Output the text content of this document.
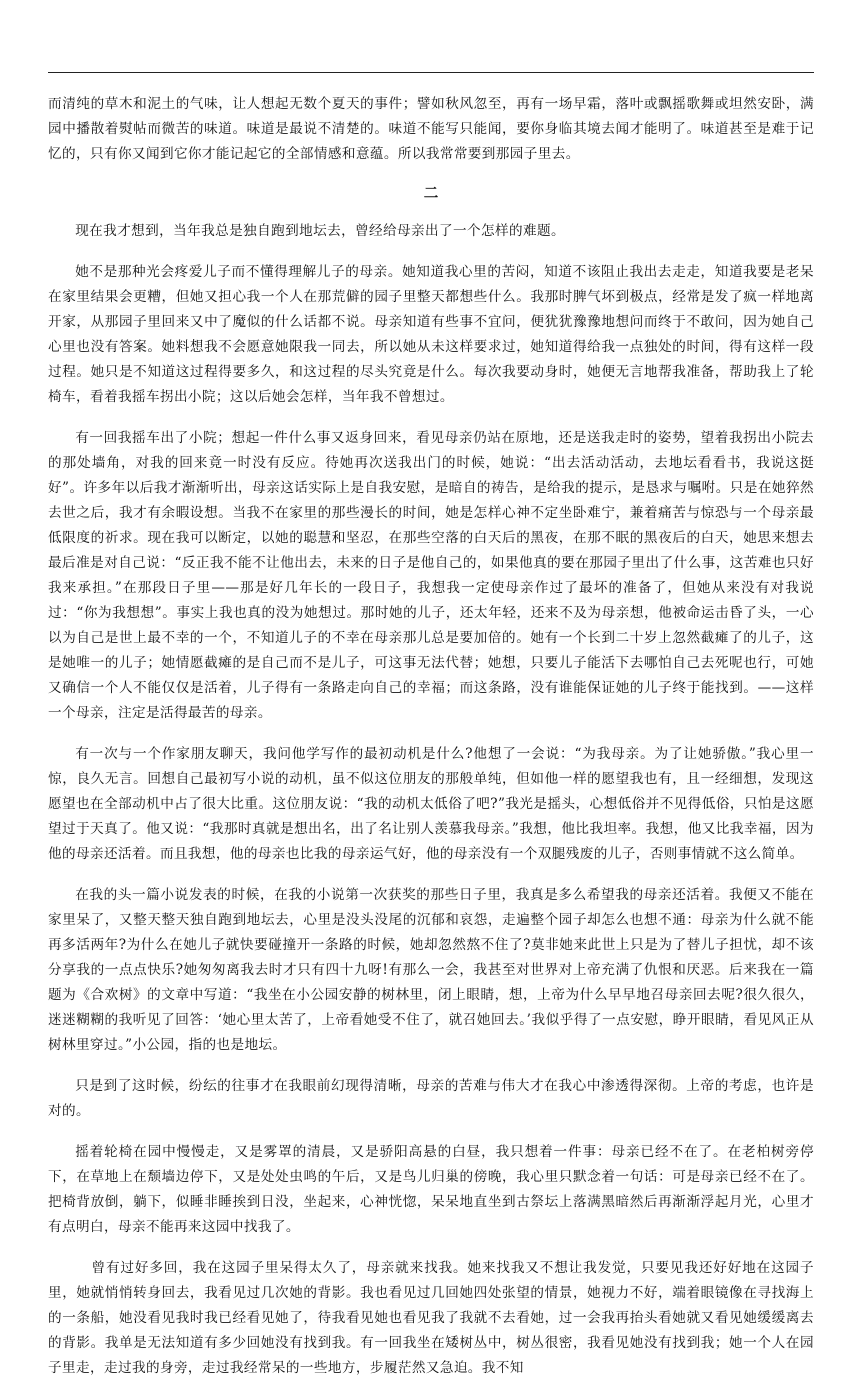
而清纯的草木和泥土的气味，让人想起无数个夏天的事件；譬如秋风忽至，再有一场早霜，落叶或飘摇歌舞或坦然安卧，满园中播散着熨帖而微苦的味道。味道是最说不清楚的。味道不能写只能闻，要你身临其境去闻才能明了。味道甚至是难于记忆的，只有你又闻到它你才能记起它的全部情感和意蕴。所以我常常要到那园子里去。

二

现在我才想到，当年我总是独自跑到地坛去，曾经给母亲出了一个怎样的难题。

她不是那种光会疼爱儿子而不懂得理解儿子的母亲。她知道我心里的苦闷，知道不该阻止我出去走走，知道我要是老呆在家里结果会更糟，但她又担心我一个人在那荒僻的园子里整天都想些什么。我那时脾气坏到极点，经常是发了疯一样地离开家，从那园子里回来又中了魔似的什么话都不说。母亲知道有些事不宜问，便犹犹豫豫地想问而终于不敢问，因为她自己心里也没有答案。她料想我不会愿意她限我一同去，所以她从未这样要求过，她知道得给我一点独处的时间，得有这样一段过程。她只是不知道这过程得要多久，和这过程的尽头究竟是什么。每次我要动身时，她便无言地帮我准备，帮助我上了轮椅车，看着我摇车拐出小院；这以后她会怎样，当年我不曾想过。

有一回我摇车出了小院；想起一件什么事又返身回来，看见母亲仍站在原地，还是送我走时的姿势，望着我拐出小院去的那处墙角，对我的回来竟一时没有反应。待她再次送我出门的时候，她说：“出去活动活动，去地坛看看书，我说这挺好”。许多年以后我才渐渐听出，母亲这话实际上是自我安慰，是暗自的祷告，是给我的提示，是恳求与嘱咐。只是在她猝然去世之后，我才有余暇设想。当我不在家里的那些漫长的时间，她是怎样心神不定坐卧难宁，兼着痛苦与惊恐与一个母亲最低限度的祈求。现在我可以断定，以她的聪慧和坚忍，在那些空落的白天后的黑夜，在那不眠的黑夜后的白天，她思来想去最后准是对自己说：“反正我不能不让他出去，未来的日子是他自己的，如果他真的要在那园子里出了什么事，这苦难也只好我来承担。”在那段日子里——那是好几年长的一段日子，我想我一定使母亲作过了最坏的准备了，但她从来没有对我说过：“你为我想想”。事实上我也真的没为她想过。那时她的儿子，还太年轻，还来不及为母亲想，他被命运击昏了头，一心以为自己是世上最不幸的一个，不知道儿子的不幸在母亲那儿总是要加倍的。她有一个长到二十岁上忽然截瘫了的儿子，这是她唯一的儿子；她情愿截瘫的是自己而不是儿子，可这事无法代替；她想，只要儿子能活下去哪怕自己去死呢也行，可她又确信一个人不能仅仅是活着，儿子得有一条路走向自己的幸福；而这条路，没有谁能保证她的儿子终于能找到。——这样一个母亲，注定是活得最苦的母亲。

有一次与一个作家朋友聊天，我问他学写作的最初动机是什么?他想了一会说：“为我母亲。为了让她骄傲。”我心里一惊，良久无言。回想自己最初写小说的动机，虽不似这位朋友的那般单纯，但如他一样的愿望我也有，且一经细想，发现这愿望也在全部动机中占了很大比重。这位朋友说：“我的动机太低俗了吧?”我光是摇头，心想低俗并不见得低俗，只怕是这愿望过于天真了。他又说：“我那时真就是想出名，出了名让别人羡慕我母亲。”我想，他比我坦率。我想，他又比我幸福，因为他的母亲还活着。而且我想，他的母亲也比我的母亲运气好，他的母亲没有一个双腿残废的儿子，否则事情就不这么简单。

在我的头一篇小说发表的时候，在我的小说第一次获奖的那些日子里，我真是多么希望我的母亲还活着。我便又不能在家里呆了，又整天整天独自跑到地坛去，心里是没头没尾的沉郁和哀怨，走遍整个园子却怎么也想不通：母亲为什么就不能再多活两年?为什么在她儿子就快要碰撞开一条路的时候，她却忽然熬不住了?莫非她来此世上只是为了替儿子担忧，却不该分享我的一点点快乐?她匆匆离我去时才只有四十九呀!有那么一会，我甚至对世界对上帝充满了仇恨和厌恶。后来我在一篇题为《合欢树》的文章中写道：“我坐在小公园安静的树林里，闭上眼睛，想，上帝为什么早早地召母亲回去呢?很久很久，迷迷糊糊的我听见了回答：‘她心里太苦了，上帝看她受不住了，就召她回去。’我似乎得了一点安慰，睁开眼睛，看见风正从树林里穿过。”小公园，指的也是地坛。

只是到了这时候，纷纭的往事才在我眼前幻现得清晰，母亲的苦难与伟大才在我心中渗透得深彻。上帝的考虑，也许是对的。

摇着轮椅在园中慢慢走，又是雾罩的清晨，又是骄阳高悬的白昼，我只想着一件事：母亲已经不在了。在老柏树旁停下，在草地上在颓墙边停下，又是处处虫鸣的午后，又是鸟儿归巢的傍晚，我心里只默念着一句话：可是母亲已经不在了。把椅背放倒，躺下，似睡非睡挨到日没，坐起来，心神恍惚，呆呆地直坐到古祭坛上落满黑暗然后再渐渐浮起月光，心里才有点明白，母亲不能再来这园中找我了。

曾有过好多回，我在这园子里呆得太久了，母亲就来找我。她来找我又不想让我发觉，只要见我还好好地在这园子里，她就悄悄转身回去，我看见过几次她的背影。我也看见过几回她四处张望的情景，她视力不好，端着眼镜像在寻找海上的一条船，她没看见我时我已经看见她了，待我看见她也看见我了我就不去看她，过一会我再抬头看她就又看见她缓缓离去的背影。我单是无法知道有多少回她没有找到我。有一回我坐在矮树丛中，树丛很密，我看见她没有找到我；她一个人在园子里走，走过我的身旁，走过我经常呆的一些地方，步履茫然又急迫。我不知
